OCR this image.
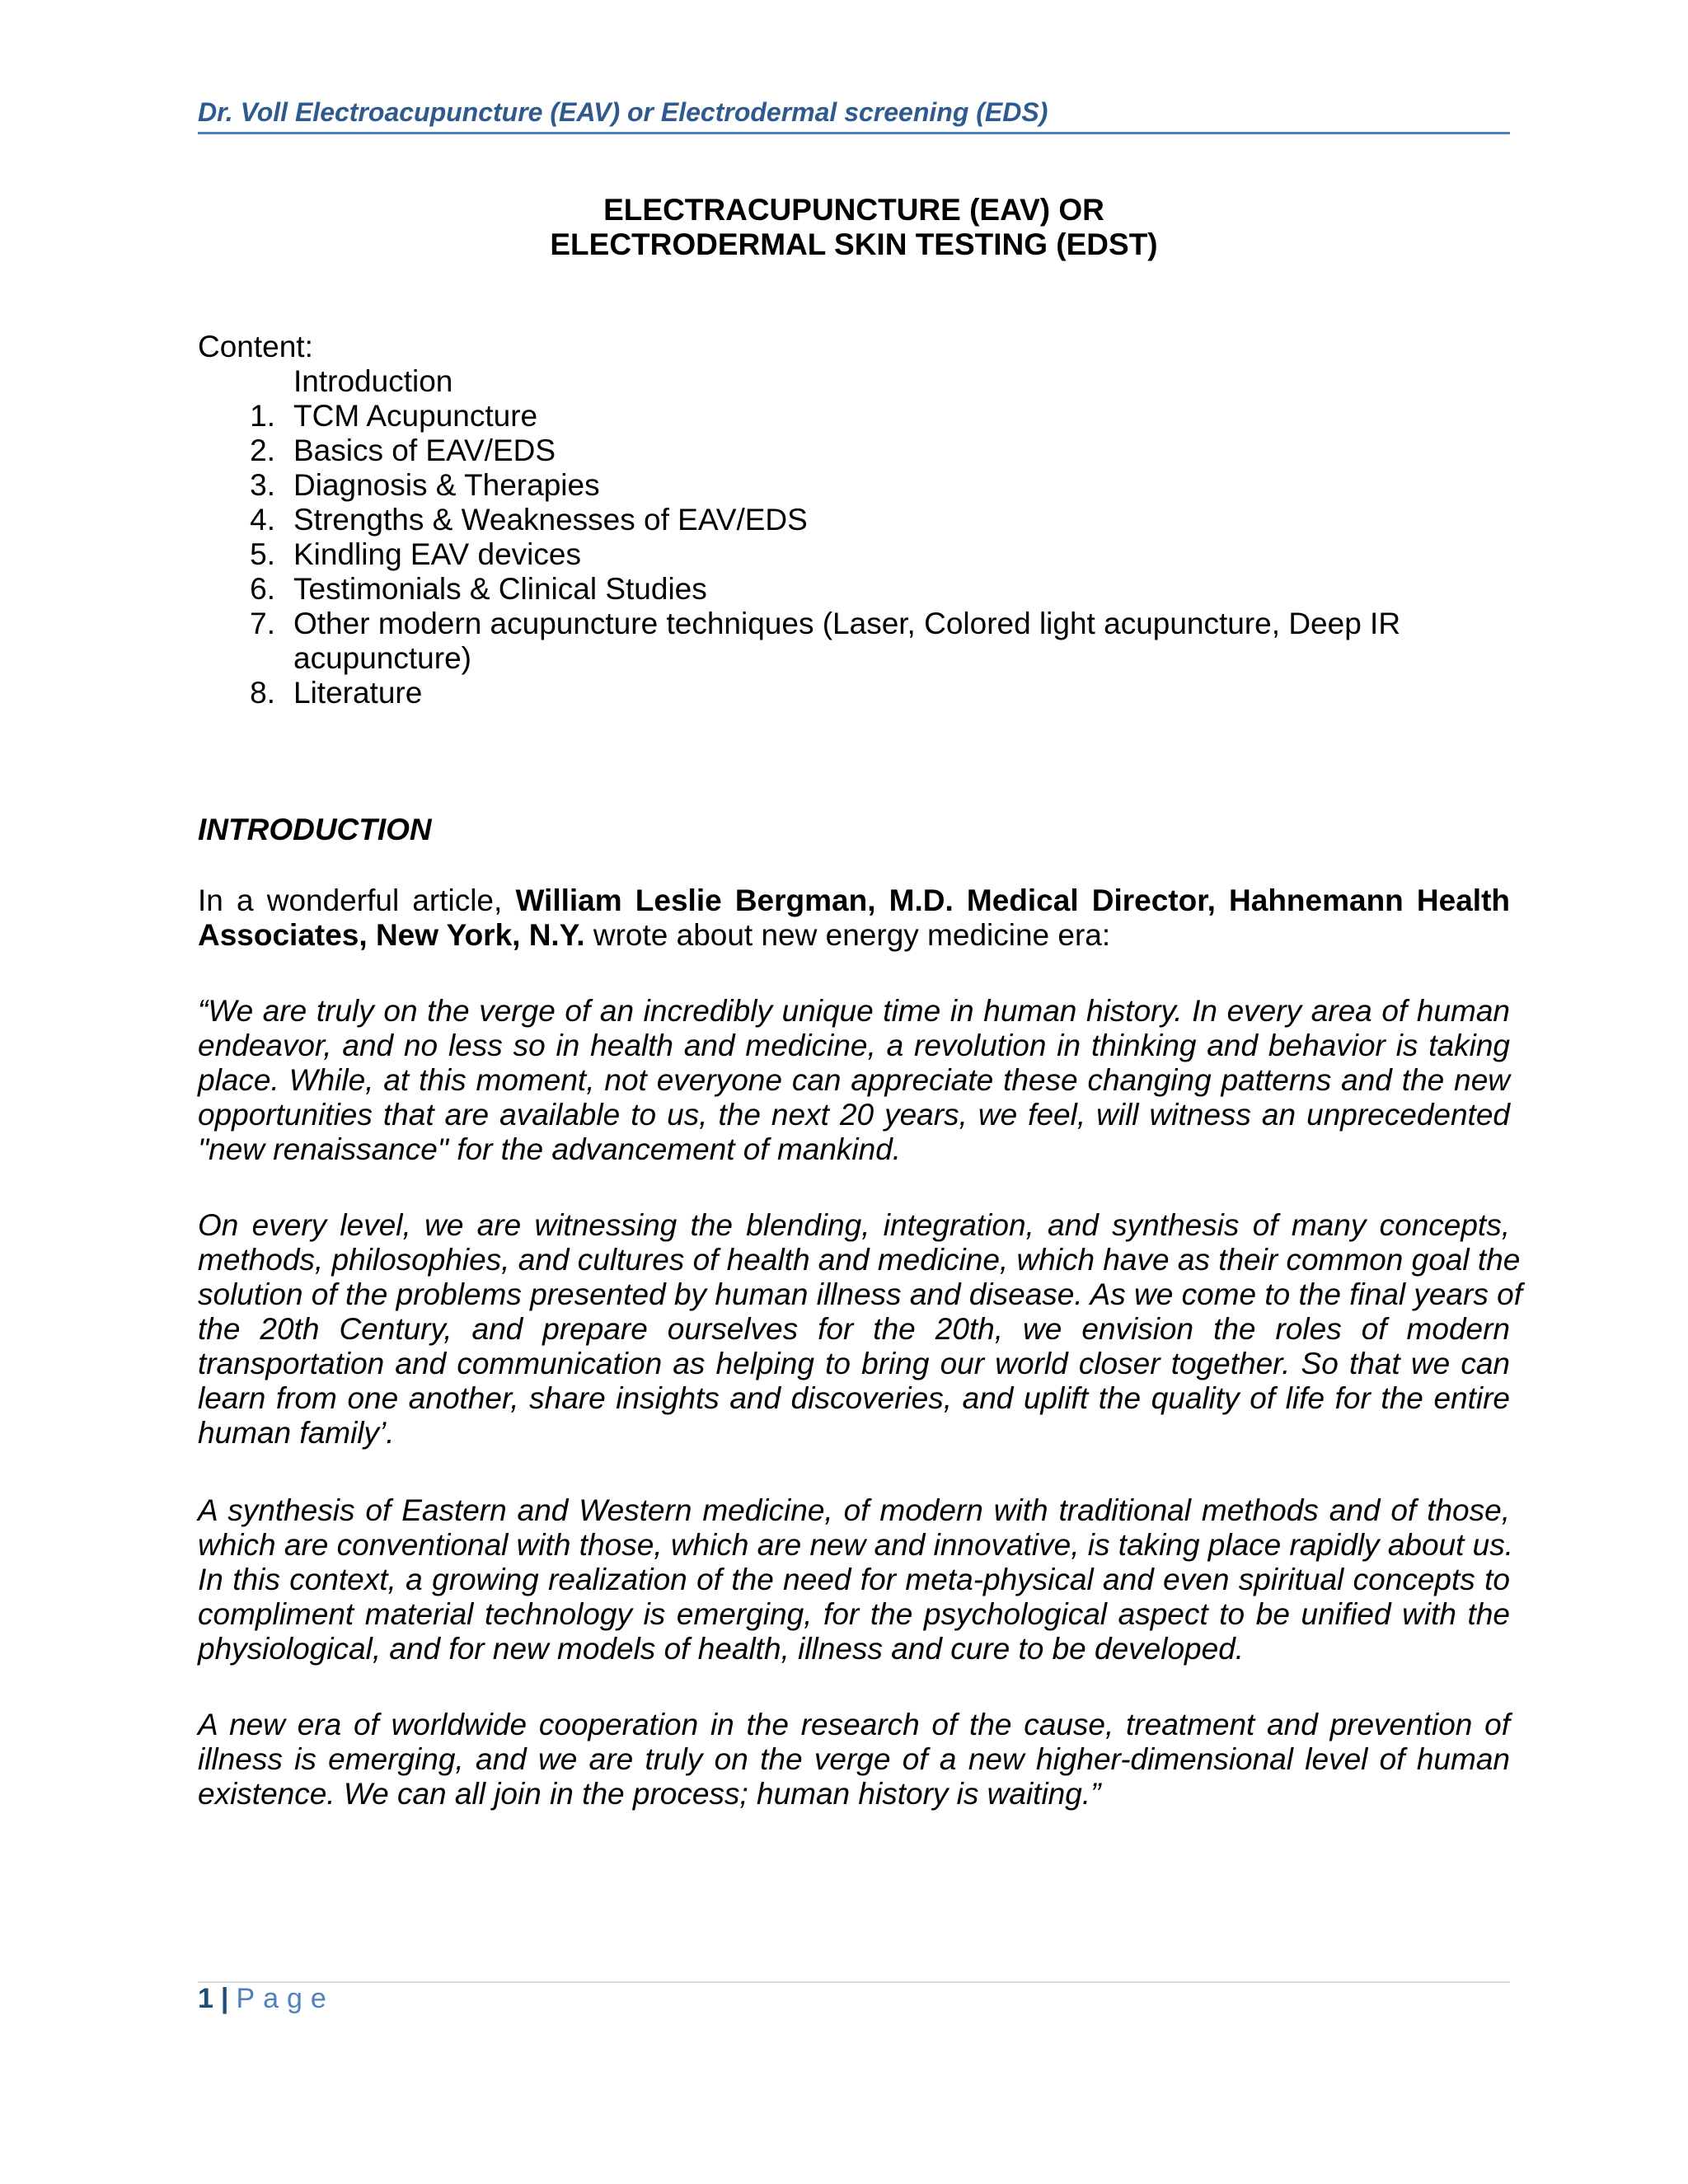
Dr. Voll Electroacupuncture (EAV) or Electrodermal screening (EDS)
ELECTRACUPUNCTURE (EAV) OR
ELECTRODERMAL SKIN TESTING (EDST)
Content:
Introduction
1. TCM Acupuncture
2. Basics of EAV/EDS
3. Diagnosis & Therapies
4. Strengths & Weaknesses of EAV/EDS
5. Kindling EAV devices
6. Testimonials & Clinical Studies
7. Other modern acupuncture techniques (Laser, Colored light acupuncture, Deep IR
acupuncture)
8. Literature
INTRODUCTION
In a wonderful article, William Leslie Bergman, M.D. Medical Director, Hahnemann Health
Associates, New York, N.Y. wrote about new energy medicine era:
“We are truly on the verge of an incredibly unique time in human history. In every area of human
endeavor, and no less so in health and medicine, a revolution in thinking and behavior is taking
place. While, at this moment, not everyone can appreciate these changing patterns and the new
opportunities that are available to us, the next 20 years, we feel, will witness an unprecedented
"new renaissance" for the advancement of mankind.
On every level, we are witnessing the blending, integration, and synthesis of many concepts,
methods, philosophies, and cultures of health and medicine, which have as their common goal the
solution of the problems presented by human illness and disease. As we come to the final years of
the 20th Century, and prepare ourselves for the 20th, we envision the roles of modern
transportation and communication as helping to bring our world closer together. So that we can
learn from one another, share insights and discoveries, and uplift the quality of life for the entire
human family’.
A synthesis of Eastern and Western medicine, of modern with traditional methods and of those,
which are conventional with those, which are new and innovative, is taking place rapidly about us.
In this context, a growing realization of the need for meta-physical and even spiritual concepts to
compliment material technology is emerging, for the psychological aspect to be unified with the
physiological, and for new models of health, illness and cure to be developed.
A new era of worldwide cooperation in the research of the cause, treatment and prevention of
illness is emerging, and we are truly on the verge of a new higher-dimensional level of human
existence. We can all join in the process; human history is waiting.”
1 | Page
